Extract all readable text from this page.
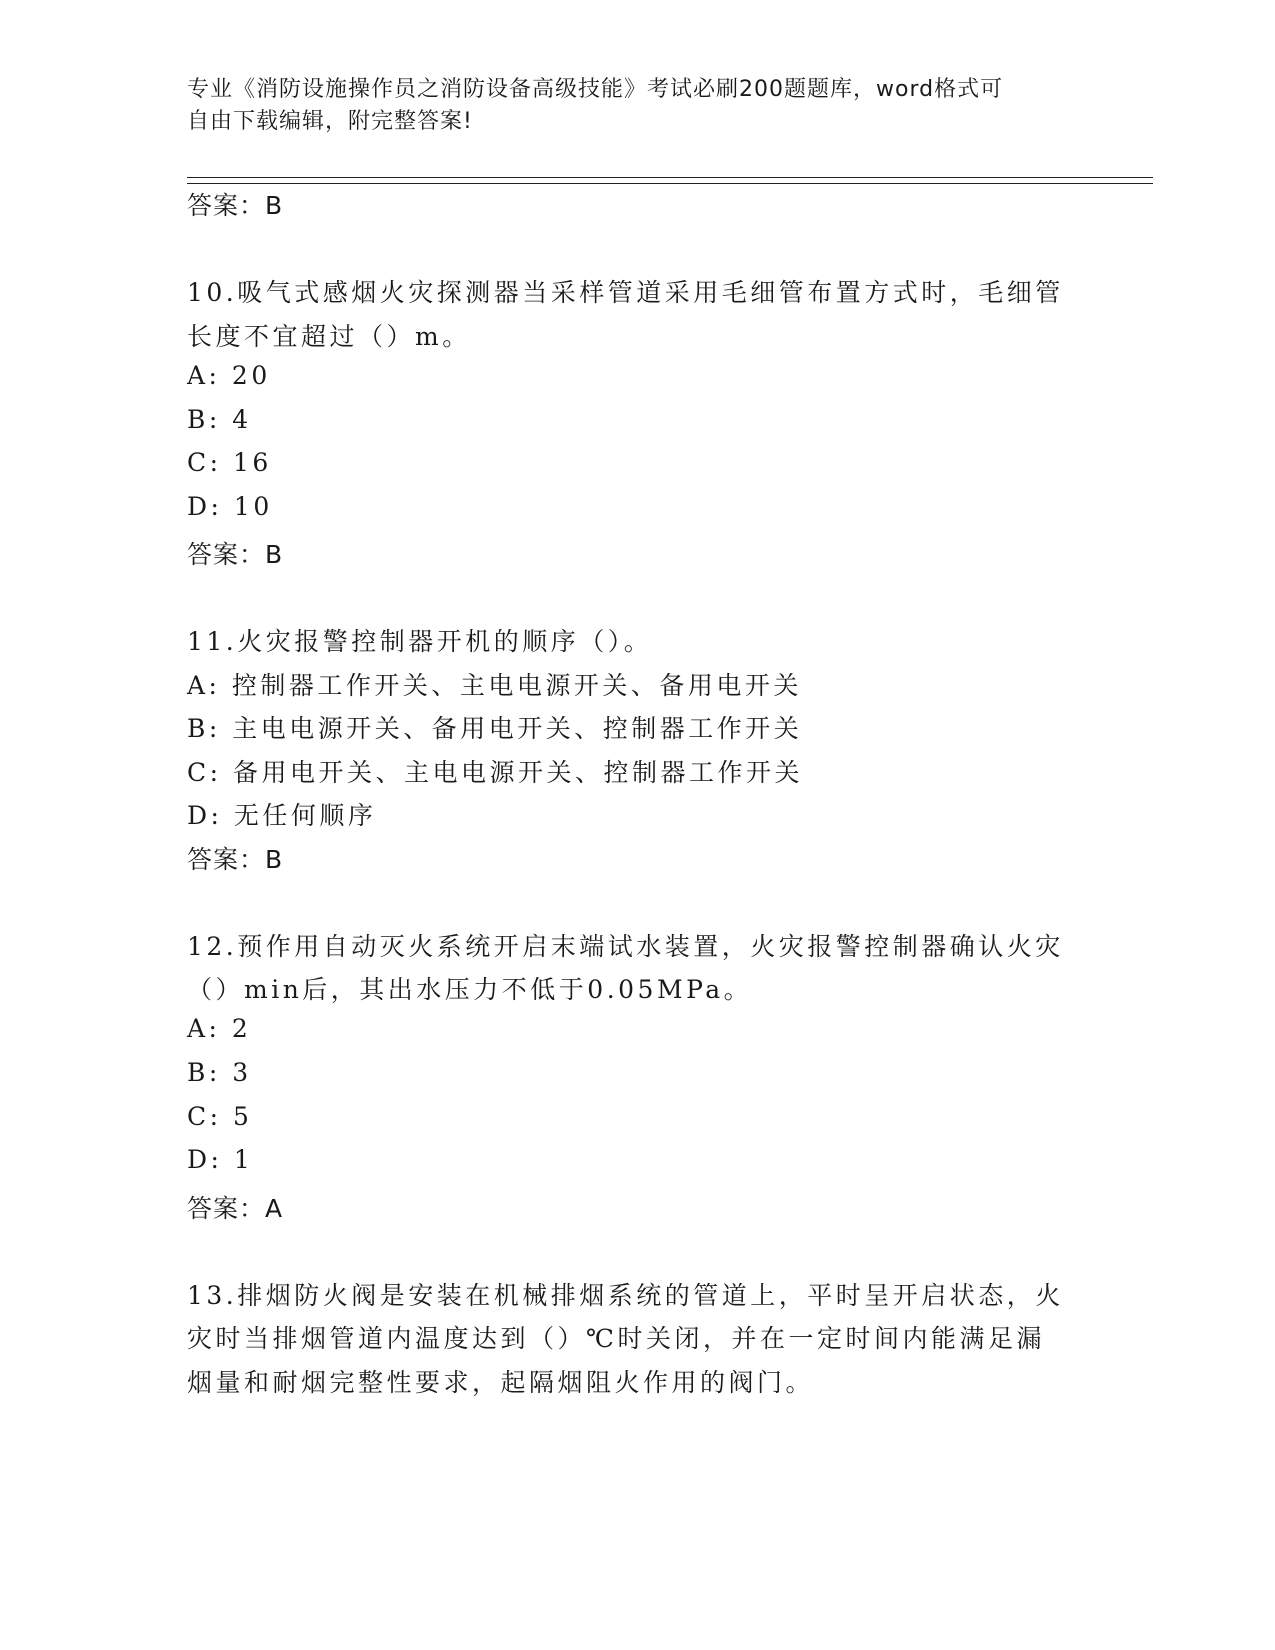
专业《消防设施操作员之消防设备高级技能》考试必刷200题题库，word格式可
自由下载编辑，附完整答案!
答案：B
10.吸气式感烟火灾探测器当采样管道采用毛细管布置方式时，毛细管
长度不宜超过（）m。
A: 20
B: 4
C: 16
D: 10
答案：B
11.火灾报警控制器开机的顺序（）。
A: 控制器工作开关、主电电源开关、备用电开关
B: 主电电源开关、备用电开关、控制器工作开关
C: 备用电开关、主电电源开关、控制器工作开关
D: 无任何顺序
答案：B
12.预作用自动灭火系统开启末端试水装置，火灾报警控制器确认火灾
（）min后，其出水压力不低于0.05MPa。
A: 2
B: 3
C: 5
D: 1
答案：A
13.排烟防火阀是安装在机械排烟系统的管道上，平时呈开启状态，火
灾时当排烟管道内温度达到（）℃时关闭，并在一定时间内能满足漏
烟量和耐烟完整性要求，起隔烟阻火作用的阀门。
